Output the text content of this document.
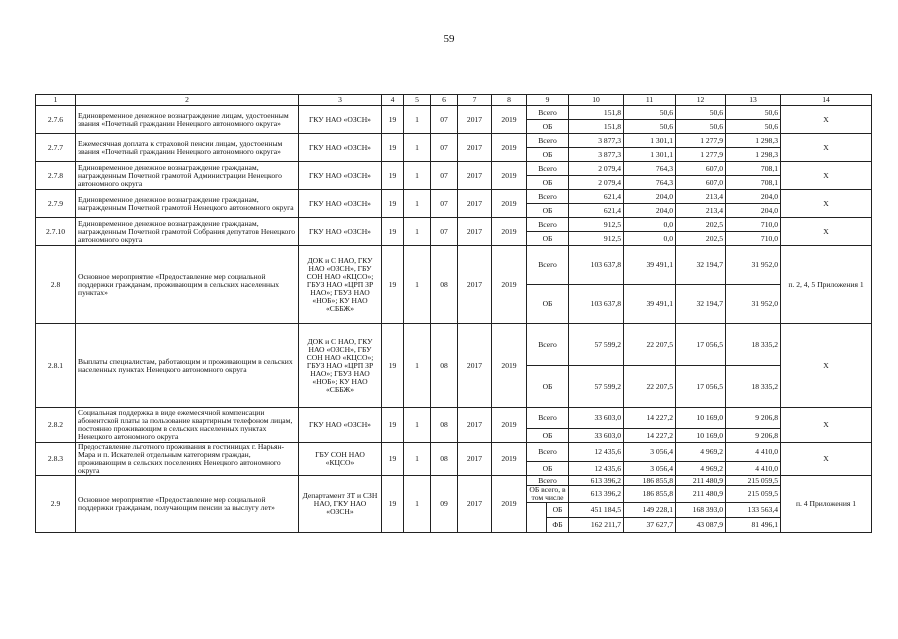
59
1	2	3	4	5	6	7	8	9		10	11	12	13	14
2.7.6	Единовременное денежное вознаграждение лицам, удостоенным звания «Почетный гражданин Ненецкого автономного округа»	ГКУ НАО «ОЗСН»	19	1	07	2017	2019	Всего		151,8	50,6	50,6	50,6	Х
								ОБ		151,8	50,6	50,6	50,6	
2.7.7	Ежемесячная доплата к страховой пенсии лицам, удостоенным звания «Почетный гражданин Ненецкого автономного округа»	ГКУ НАО «ОЗСН»	19	1	07	2017	2019	Всего		3 877,3	1 301,1	1 277,9	1 298,3	Х
								ОБ		3 877,3	1 301,1	1 277,9	1 298,3	
2.7.8	Единовременное денежное вознаграждение гражданам, награжденным Почетной грамотой Администрации Ненецкого автономного округа	ГКУ НАО «ОЗСН»	19	1	07	2017	2019	Всего		2 079,4	764,3	607,0	708,1	Х
								ОБ		2 079,4	764,3	607,0	708,1	
2.7.9	Единовременное денежное вознаграждение гражданам, награжденным Почетной грамотой Ненецкого автономного округа	ГКУ НАО «ОЗСН»	19	1	07	2017	2019	Всего		621,4	204,0	213,4	204,0	Х
								ОБ		621,4	204,0	213,4	204,0	
2.7.10	Единовременное денежное вознаграждение гражданам, награжденным Почетной грамотой Собрания депутатов Ненецкого автономного округа	ГКУ НАО «ОЗСН»	19	1	07	2017	2019	Всего		912,5	0,0	202,5	710,0	Х
								ОБ		912,5	0,0	202,5	710,0	
2.8	Основное мероприятие «Предоставление мер социальной поддержки гражданам, проживающим в сельских населенных пунктах»	ДОК и С НАО, ГКУ НАО «ОЗСН», ГБУ СОН НАО «КЦСО»; ГБУЗ НАО «ЦРП ЗР НАО»; ГБУЗ НАО «НОБ»; КУ НАО «СББЖ»	19	1	08	2017	2019	Всего		103 637,8	39 491,1	32 194,7	31 952,0	п. 2, 4, 5 Приложения 1
								ОБ		103 637,8	39 491,1	32 194,7	31 952,0	
2.8.1	Выплаты специалистам, работающим и проживающим в сельских населенных пунктах Ненецкого автономного округа	ДОК и С НАО, ГКУ НАО «ОЗСН», ГБУ СОН НАО «КЦСО»; ГБУЗ НАО «ЦРП ЗР НАО»; ГБУЗ НАО «НОБ»; КУ НАО «СББЖ»	19	1	08	2017	2019	Всего		57 599,2	22 207,5	17 056,5	18 335,2	Х
								ОБ		57 599,2	22 207,5	17 056,5	18 335,2	
2.8.2	Социальная поддержка в виде ежемесячной компенсации абонентской платы за пользование квартирным телефоном лицам, постоянно проживающим в сельских населенных пунктах Ненецкого автономного округа	ГКУ НАО «ОЗСН»	19	1	08	2017	2019	Всего		33 603,0	14 227,2	10 169,0	9 206,8	Х
								ОБ		33 603,0	14 227,2	10 169,0	9 206,8	
2.8.3	Предоставление льготного проживания в гостиницах г. Нарьян-Мара и п. Искателей отдельным категориям граждан, проживающим в сельских поселениях Ненецкого автономного округа	ГБУ СОН НАО «КЦСО»	19	1	08	2017	2019	Всего		12 435,6	3 056,4	4 969,2	4 410,0	Х
								ОБ		12 435,6	3 056,4	4 969,2	4 410,0	
2.9	Основное мероприятие «Предоставление мер социальной поддержки гражданам, получающим пенсии за выслугу лет»	Департамент ЗТ и СЗН НАО, ГКУ НАО «ОЗСН»	19	1	09	2017	2019	Всего		613 396,2	186 855,8	211 480,9	215 059,5	п. 4 Приложения 1
								ОБ всего, в том числе		613 396,2	186 855,8	211 480,9	215 059,5	
									ОБ	451 184,5	149 228,1	168 393,0	133 563,4	
									ФБ	162 211,7	37 627,7	43 087,9	81 496,1	
